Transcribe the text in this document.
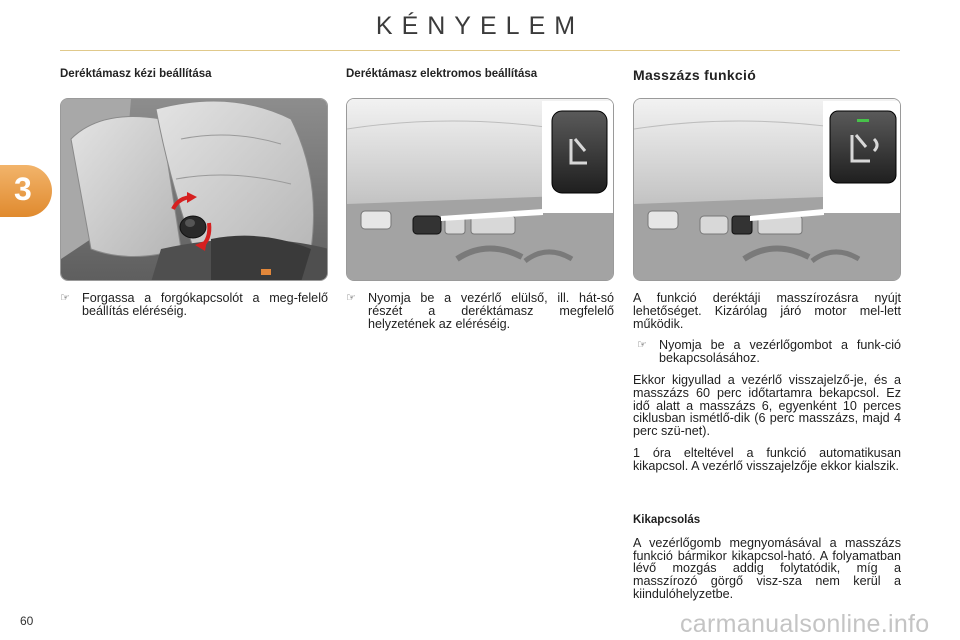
KÉNYELEM
3
Deréktámasz kézi beállítása	Deréktámasz elektromos beállítása	Masszázs funkció
☞ Forgassa a forgókapcsolót a meg-felelő beállítás eléréséig.
☞ Nyomja be a vezérlő elülső, ill. hát-só részét a deréktámasz megfelelő helyzetének az eléréséig.
A funkció deréktáji masszírozásra nyújt lehetőséget. Kizárólag járó motor mel-lett működik.
☞ Nyomja be a vezérlőgombot a funk-ció bekapcsolásához.
Ekkor kigyullad a vezérlő visszajelző-je, és a masszázs 60 perc időtartamra bekapcsol. Ez idő alatt a masszázs 6, egyenként 10 perces ciklusban ismétlő-dik (6 perc masszázs, majd 4 perc szü-net).
1 óra elteltével a funkció automatikusan kikapcsol. A vezérlő visszajelzője ekkor kialszik.
Kikapcsolás
A vezérlőgomb megnyomásával a masszázs funkció bármikor kikapcsol-ható. A folyamatban lévő mozgás addig folytatódik, míg a masszírozó görgő visz-sza nem kerül a kiindulóhelyzetbe.
60	carmanualsonline.info
